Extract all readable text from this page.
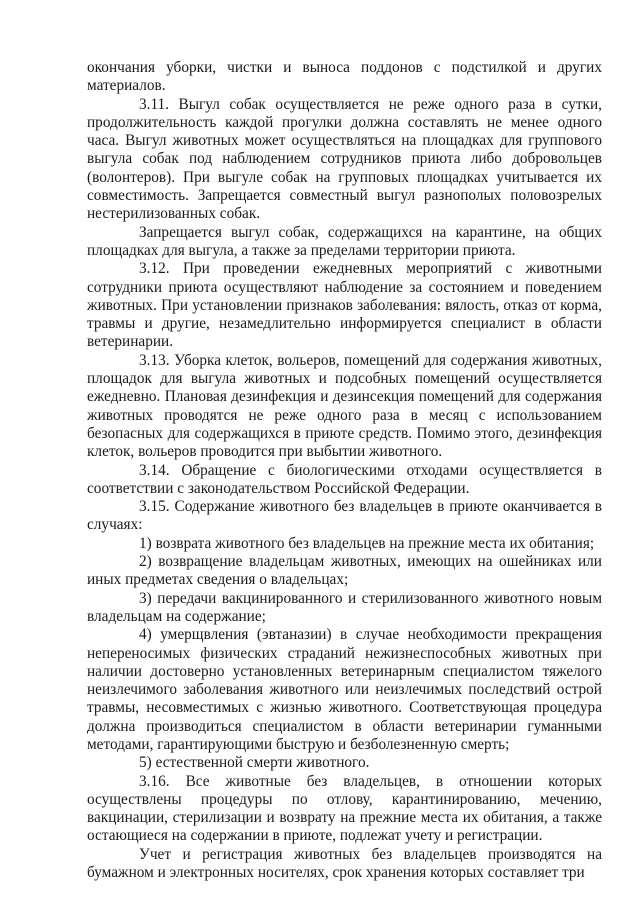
окончания уборки, чистки и выноса поддонов с подстилкой и других материалов.

3.11. Выгул собак осуществляется не реже одного раза в сутки, продолжительность каждой прогулки должна составлять не менее одного часа. Выгул животных может осуществляться на площадках для группового выгула собак под наблюдением сотрудников приюта либо добровольцев (волонтеров). При выгуле собак на групповых площадках учитывается их совместимость. Запрещается совместный выгул разнополых половозрелых нестерилизованных собак.

Запрещается выгул собак, содержащихся на карантине, на общих площадках для выгула, а также за пределами территории приюта.

3.12. При проведении ежедневных мероприятий с животными сотрудники приюта осуществляют наблюдение за состоянием и поведением животных. При установлении признаков заболевания: вялость, отказ от корма, травмы и другие, незамедлительно информируется специалист в области ветеринарии.

3.13. Уборка клеток, вольеров, помещений для содержания животных, площадок для выгула животных и подсобных помещений осуществляется ежедневно. Плановая дезинфекция и дезинсекция помещений для содержания животных проводятся не реже одного раза в месяц с использованием безопасных для содержащихся в приюте средств. Помимо этого, дезинфекция клеток, вольеров проводится при выбытии животного.

3.14. Обращение с биологическими отходами осуществляется в соответствии с законодательством Российской Федерации.

3.15. Содержание животного без владельцев в приюте оканчивается в случаях:

1) возврата животного без владельцев на прежние места их обитания;

2) возвращение владельцам животных, имеющих на ошейниках или иных предметах сведения о владельцах;

3) передачи вакцинированного и стерилизованного животного новым владельцам на содержание;

4) умерщвления (эвтаназии) в случае необходимости прекращения непереносимых физических страданий нежизнеспособных животных при наличии достоверно установленных ветеринарным специалистом тяжелого неизлечимого заболевания животного или неизлечимых последствий острой травмы, несовместимых с жизнью животного. Соответствующая процедура должна производиться специалистом в области ветеринарии гуманными методами, гарантирующими быструю и безболезненную смерть;

5) естественной смерти животного.

3.16. Все животные без владельцев, в отношении которых осуществлены процедуры по отлову, карантинированию, мечению, вакцинации, стерилизации и возврату на прежние места их обитания, а также остающиеся на содержании в приюте, подлежат учету и регистрации.

Учет и регистрация животных без владельцев производятся на бумажном и электронных носителях, срок хранения которых составляет три
